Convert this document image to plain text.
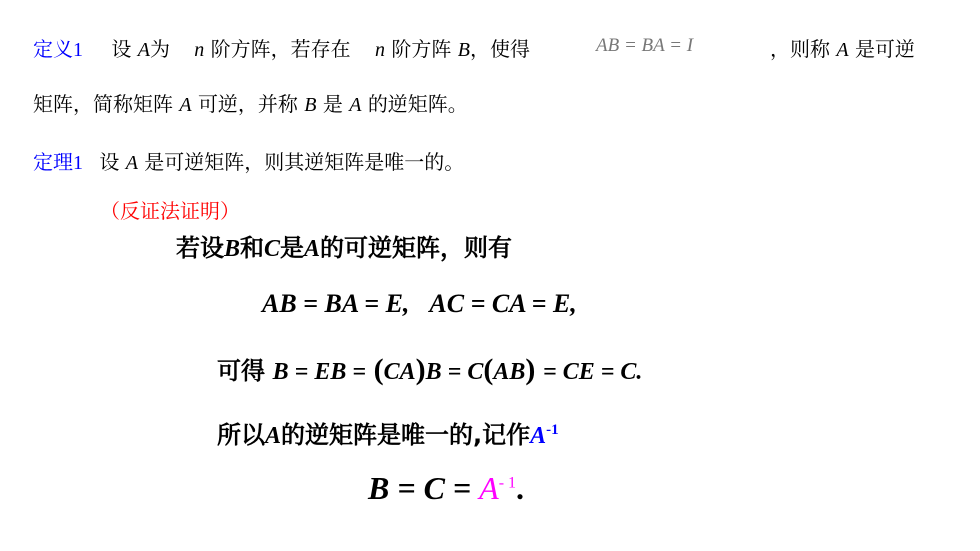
定义1 设 A为 n 阶方阵，若存在 n 阶方阵 B，使得	AB = BA = I	，则称 A 是可逆
矩阵，简称矩阵 A 可逆，并称 B 是 A 的逆矩阵。
定理1 设 A 是可逆矩阵，则其逆矩阵是唯一的。
（反证法证明）
若设B和C是A的可逆矩阵，则有
AB = BA = E, AC = CA = E,
可得 B = EB = (CA)B = C(AB) = CE = C.
所以A的逆矩阵是唯一的,记作$A^{-1}$
$B = C = A^{- 1}$.
